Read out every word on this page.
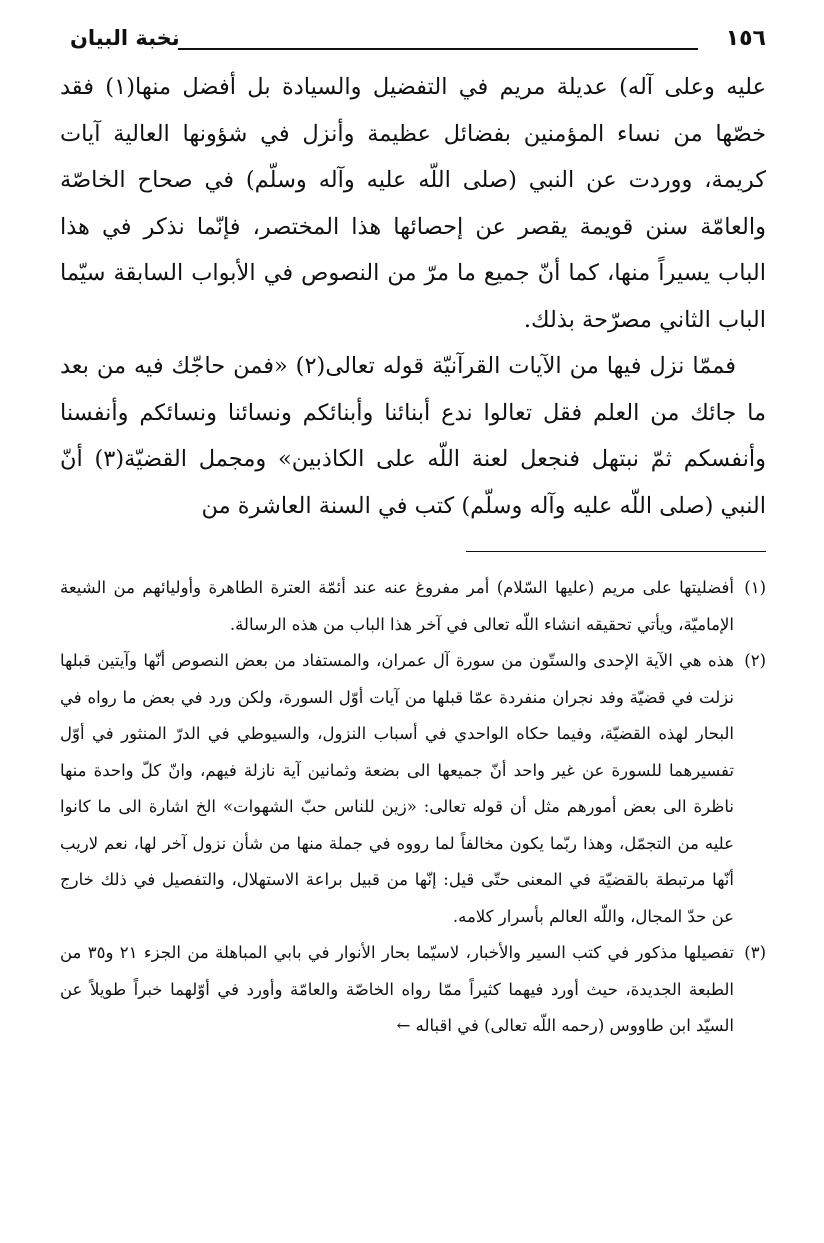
نخبة البيان	١٥٦

عليه وعلى آله) عديلة مريم في التفضيل والسيادة بل أفضل منها(١) فقد خصّها من نساء المؤمنين بفضائل عظيمة وأنزل في شؤونها العالية آيات كريمة، ووردت عن النبي (صلى اللّه عليه وآله وسلّم) في صحاح الخاصّة والعامّة سنن قويمة يقصر عن إحصائها هذا المختصر، فإنّما نذكر في هذا الباب يسيراً منها، كما أنّ جميع ما مرّ من النصوص في الأبواب السابقة سيّما الباب الثاني مصرّحة بذلك.

فممّا نزل فيها من الآيات القرآنيّة قوله تعالى(٢) «فمن حاجّك فيه من بعد ما جائك من العلم فقل تعالوا ندع أبنائنا وأبنائكم ونسائنا ونسائكم وأنفسنا وأنفسكم ثمّ نبتهل فنجعل لعنة اللّه على الكاذبين» ومجمل القضيّة(٣) أنّ النبي (صلى اللّه عليه وآله وسلّم) كتب في السنة العاشرة من

(١)
أفضليتها على مريم (عليها السّلام) أمر مفروغ عنه عند أئمّة العترة الطاهرة وأوليائهم من الشيعة الإماميّة، ويأتي تحقيقه انشاء اللّه تعالى في آخر هذا الباب من هذه الرسالة.

(٢)
هذه هي الآية الإحدى والستّون من سورة آل عمران، والمستفاد من بعض النصوص أنّها وآيتين قبلها نزلت في قضيّة وفد نجران منفردة عمّا قبلها من آيات أوّل السورة، ولكن ورد في بعض ما رواه في البحار لهذه القضيّة، وفيما حكاه الواحدي في أسباب النزول، والسيوطي في الدرّ المنثور في أوّل تفسيرهما للسورة عن غير واحد أنّ جميعها الى بضعة وثمانين آية نازلة فيهم، وانّ كلّ واحدة منها ناظرة الى بعض أمورهم مثل أن قوله تعالى: «زين للناس حبّ الشهوات» الخ اشارة الى ما كانوا عليه من التجمّل، وهذا ربّما يكون مخالفاً لما رووه في جملة منها من شأن نزول آخر لها، نعم لاريب أنّها مرتبطة بالقضيّة في المعنى حتّى قيل: إنّها من قبيل براعة الاستهلال، والتفصيل في ذلك خارج عن حدّ المجال، واللّه العالم بأسرار كلامه.

(٣)
تفصيلها مذكور في كتب السير والأخبار، لاسيّما بحار الأنوار في بابي المباهلة من الجزء ٢١ و٣٥ من الطبعة الجديدة، حيث أورد فيهما كثيراً ممّا رواه الخاصّة والعامّة وأورد في أوّلهما خبراً طويلاً عن السيّد ابن طاووس (رحمه اللّه تعالى) في اقباله ←
